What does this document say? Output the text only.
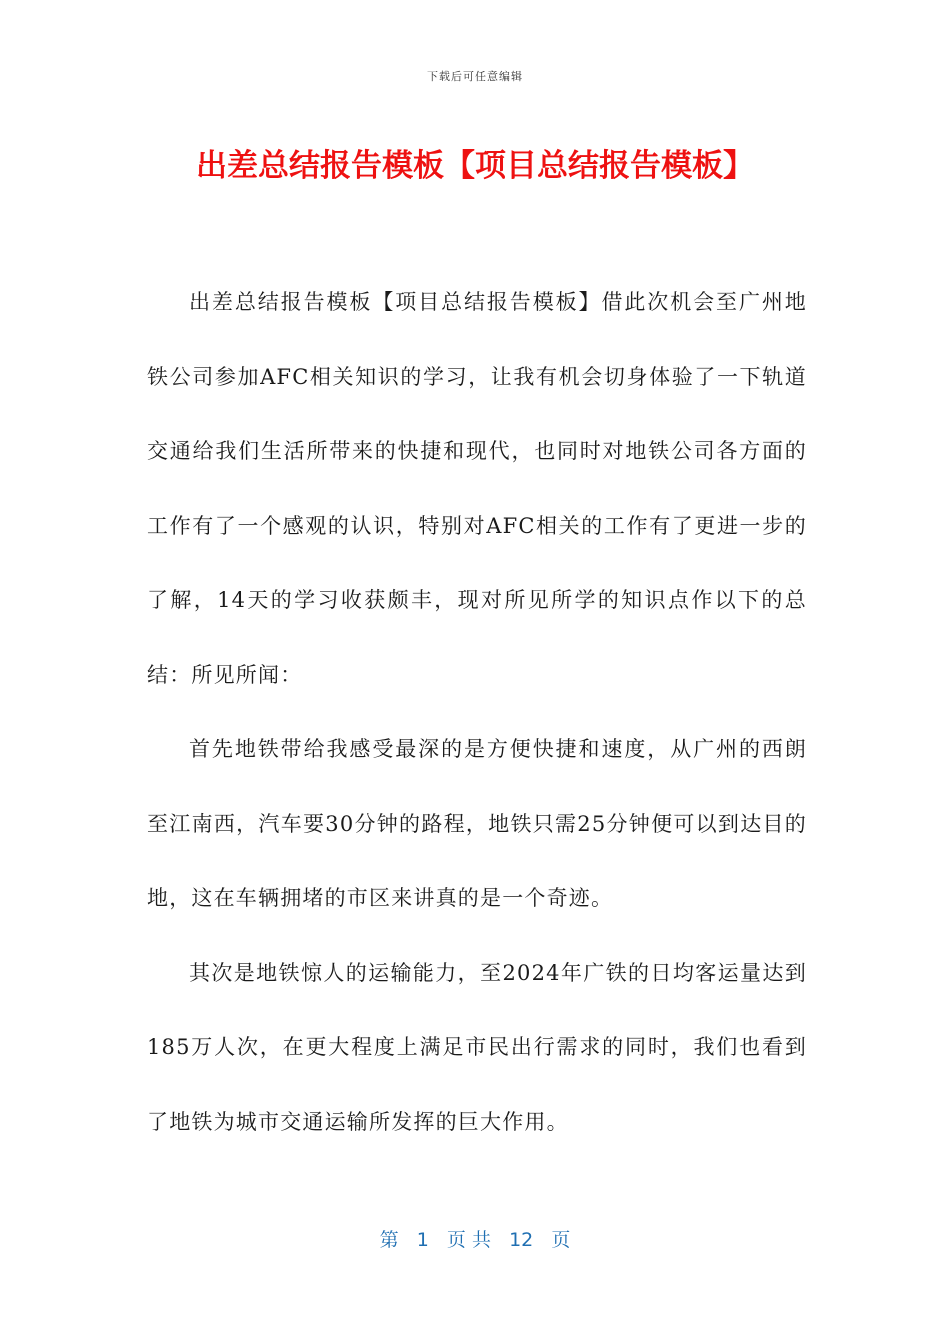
下载后可任意编辑
出差总结报告模板【项目总结报告模板】

出差总结报告模板【项目总结报告模板】借此次机会至广州地铁公司参加AFC相关知识的学习，让我有机会切身体验了一下轨道交通给我们生活所带来的快捷和现代，也同时对地铁公司各方面的工作有了一个感观的认识，特别对AFC相关的工作有了更进一步的了解，14天的学习收获颇丰，现对所见所学的知识点作以下的总结：所见所闻：

首先地铁带给我感受最深的是方便快捷和速度，从广州的西朗至江南西，汽车要30分钟的路程，地铁只需25分钟便可以到达目的地，这在车辆拥堵的市区来讲真的是一个奇迹。

其次是地铁惊人的运输能力，至2024年广铁的日均客运量达到185万人次，在更大程度上满足市民出行需求的同时，我们也看到了地铁为城市交通运输所发挥的巨大作用。

第 1 页 共 12 页
